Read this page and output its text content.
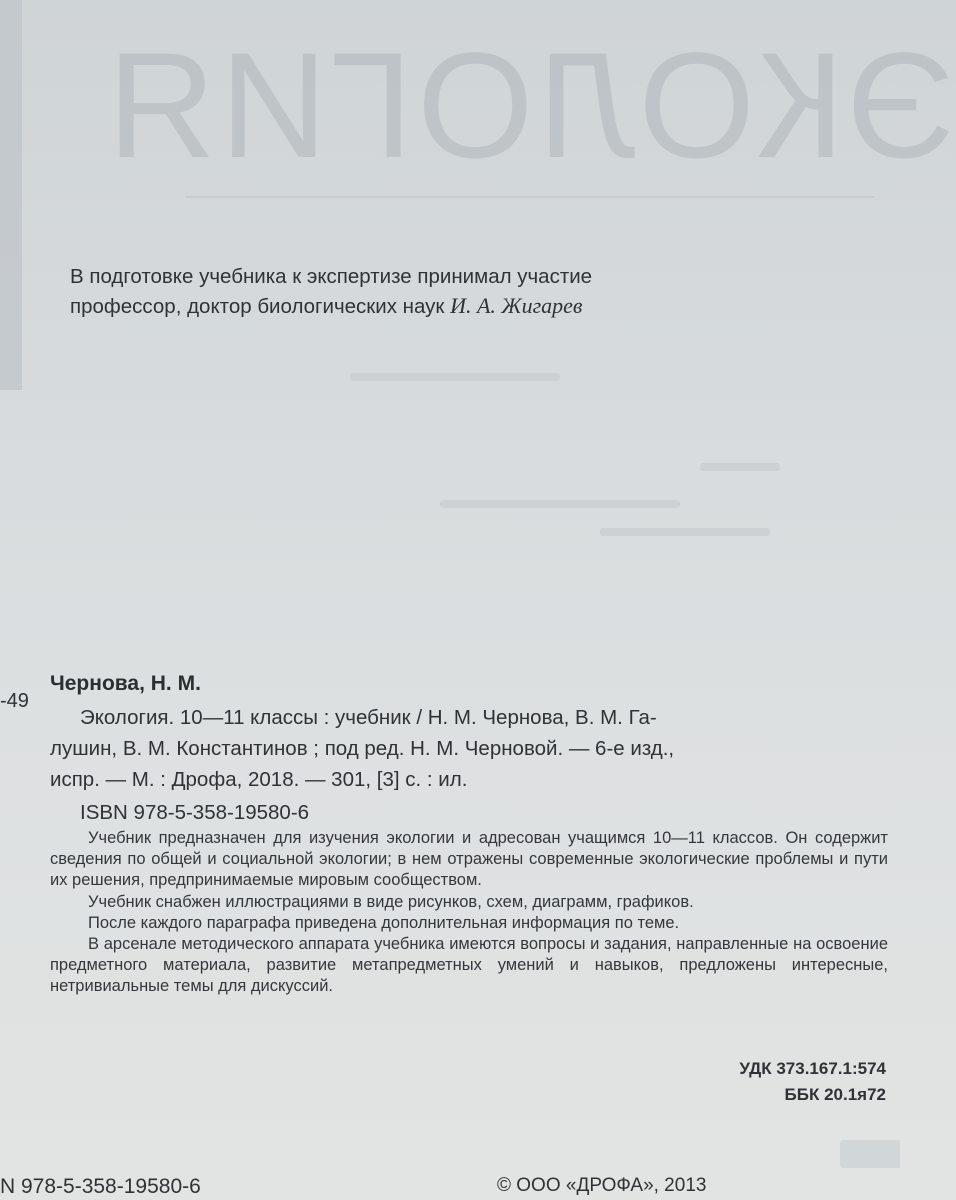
ЭКОЛОГИЯ
В подготовке учебника к экспертизе принимал участие
профессор, доктор биологических наук И. А. Жигарев
-49
Чернова, Н. М.
Экология. 10—11 классы : учебник / Н. М. Чернова, В. М. Га-
лушин, В. М. Константинов ; под ред. Н. М. Черновой. — 6-е изд.,
испр. — М. : Дрофа, 2018. — 301, [3] с. : ил.
ISBN 978-5-358-19580-6

Учебник предназначен для изучения экологии и адресован учащимся 10—11 классов. Он содержит сведения по общей и социальной экологии; в нем отражены современные экологические проблемы и пути их решения, предпринимаемые мировым сообществом.

Учебник снабжен иллюстрациями в виде рисунков, схем, диаграмм, графиков.

После каждого параграфа приведена дополнительная информация по теме.

В арсенале методического аппарата учебника имеются вопросы и задания, направленные на освоение предметного материала, развитие метапредметных умений и навыков, предложены интересные, нетривиальные темы для дискуссий.

УДК 373.167.1:574
ББК 20.1я72
N 978-5-358-19580-6	© ООО «ДРОФА», 2013
